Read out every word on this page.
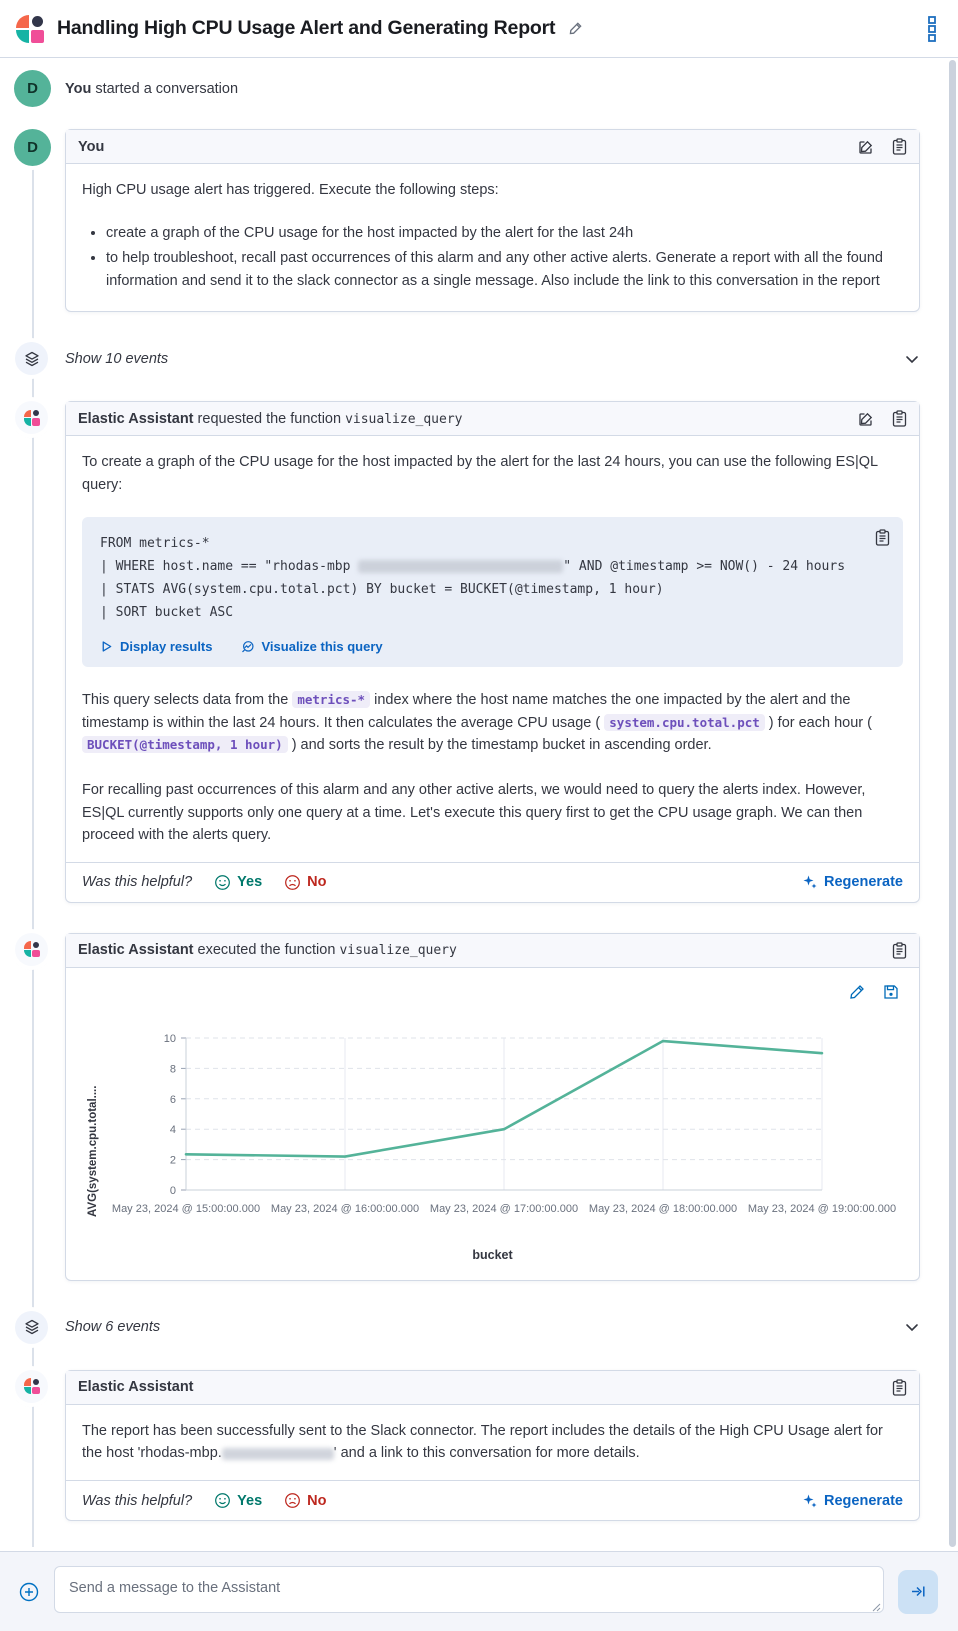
Handling High CPU Usage Alert and Generating Report
D	You started a conversation

D	You

High CPU usage alert has triggered. Execute the following steps:

• create a graph of the CPU usage for the host impacted by the alert for the last 24h
• to help troubleshoot, recall past occurrences of this alarm and any other active alerts. Generate a report with all the found information and send it to the slack connector as a single message. Also include the link to this conversation in the report
Show 10 events
Elastic Assistant requested the function visualize_query

To create a graph of the CPU usage for the host impacted by the alert for the last 24 hours, you can use the following ES|QL query:

FROM metrics-*
| WHERE host.name == "rhodas-mbp	" AND @timestamp >= NOW() - 24 hours
| STATS AVG(system.cpu.total.pct) BY bucket = BUCKET(@timestamp, 1 hour)
| SORT bucket ASC
Display results	Visualize this query

This query selects data from the metrics-* index where the host name matches the one impacted by the alert and the timestamp is within the last 24 hours. It then calculates the average CPU usage ( system.cpu.total.pct ) for each hour ( BUCKET(@timestamp, 1 hour) ) and sorts the result by the timestamp bucket in ascending order.

For recalling past occurrences of this alarm and any other active alerts, we would need to query the alerts index. However, ES|QL currently supports only one query at a time. Let's execute this query first to get the CPU usage graph. We can then proceed with the alerts query.

Was this helpful?	Yes	No	Regenerate
Elastic Assistant executed the function visualize_query
AVG(system.cpu.total....	0
2
4
6
8
10
May 23, 2024 @ 15:00:00.000 May 23, 2024 @ 16:00:00.000 May 23, 2024 @ 17:00:00.000 May 23, 2024 @ 18:00:00.000 May 23, 2024 @ 19:00:00.000
bucket
Show 6 events
Elastic Assistant

The report has been successfully sent to the Slack connector. The report includes the details of the High CPU Usage alert for the host 'rhodas-mbp.	' and a link to this conversation for more details.

Was this helpful?	Yes	No	Regenerate
Send a message to the Assistant
